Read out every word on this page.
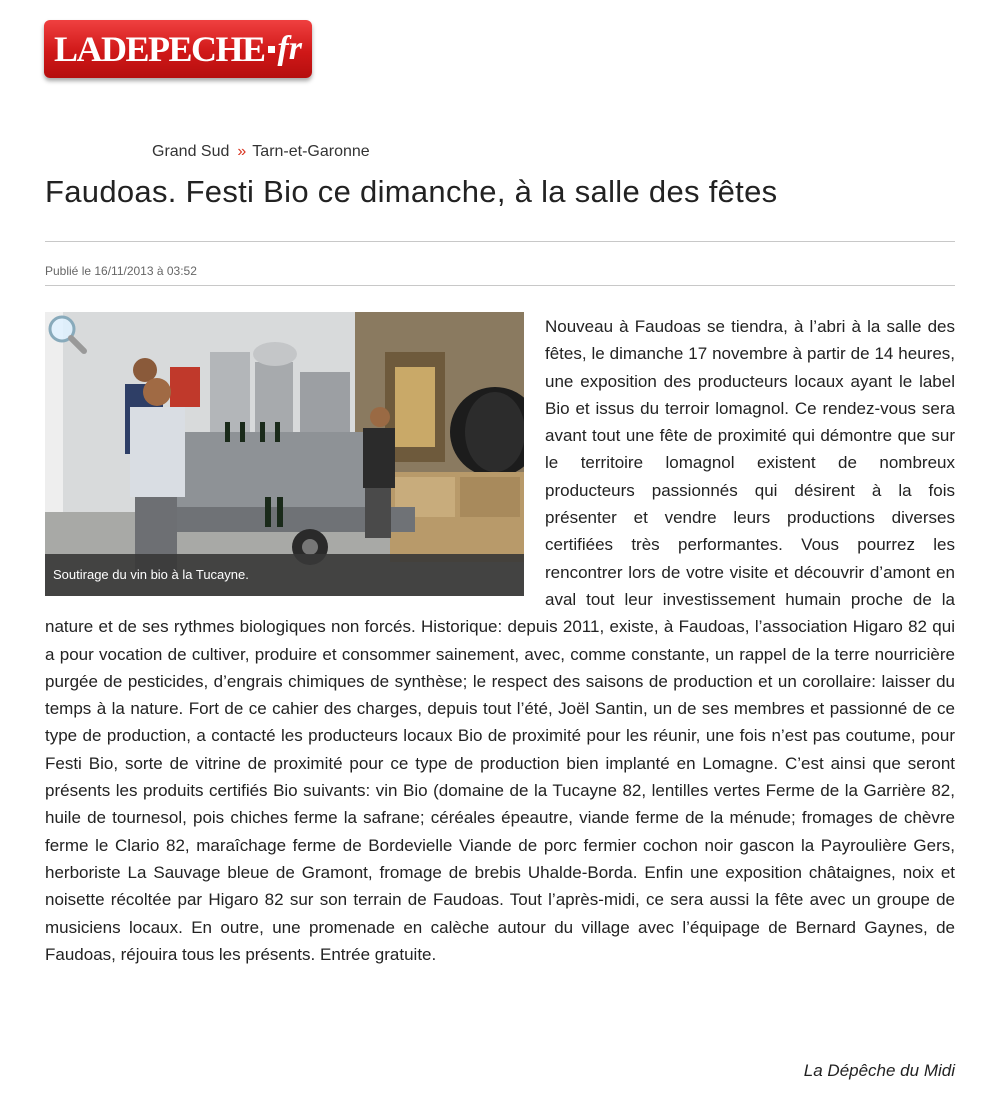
LADEPECHE fr
Grand Sud » Tarn-et-Garonne
Faudoas. Festi Bio ce dimanche, à la salle des fêtes
Publié le 16/11/2013 à 03:52

Nouveau à Faudoas se tiendra, à l’abri à la salle des fêtes, le dimanche 17 novembre à partir de 14 heures, une exposition des producteurs locaux ayant le label Bio et issus du terroir lomagnol. Ce rendez-vous sera avant tout une fête de proximité qui démontre que sur le territoire lomagnol existent de nombreux producteurs passionnés qui désirent à la fois présenter et vendre leurs productions diverses certifiées très performantes. Vous pourrez les rencontrer lors de votre visite et découvrir d’amont en aval tout leur investissement humain proche de la nature et de ses rythmes biologiques non forcés. Historique: depuis 2011, existe, à Faudoas, l’association Higaro 82 qui a pour vocation de cultiver, produire et consommer sainement, avec, comme constante, un rappel de la terre nourricière purgée de pesticides, d’engrais chimiques de synthèse; le respect des saisons de production et un corollaire: laisser du temps à la nature. Fort de ce cahier des charges, depuis tout l’été, Joël Santin, un de ses membres et passionné de ce type de production, a contacté les producteurs locaux Bio de proximité pour les réunir, une fois n’est pas coutume, pour Festi Bio, sorte de vitrine de proximité pour ce type de production bien implanté en Lomagne. C’est ainsi que seront présents les produits certifiés Bio suivants: vin Bio (domaine de la Tucayne 82, lentilles vertes Ferme de la Garrière 82, huile de tournesol, pois chiches ferme la safrane; céréales épeautre, viande ferme de la ménude; fromages de chèvre ferme le Clario 82, maraîchage ferme de Bordevielle Viande de porc fermier cochon noir gascon la Payroulière Gers, herboriste La Sauvage bleue de Gramont, fromage de brebis Uhalde-Borda. Enfin une exposition châtaignes, noix et noisette récoltée par Higaro 82 sur son terrain de Faudoas. Tout l’après-midi, ce sera aussi la fête avec un groupe de musiciens locaux. En outre, une promenade en calèche autour du village avec l’équipage de Bernard Gaynes, de Faudoas, réjouira tous les présents. Entrée gratuite.

Soutirage du vin bio à la Tucayne.
La Dépêche du Midi
